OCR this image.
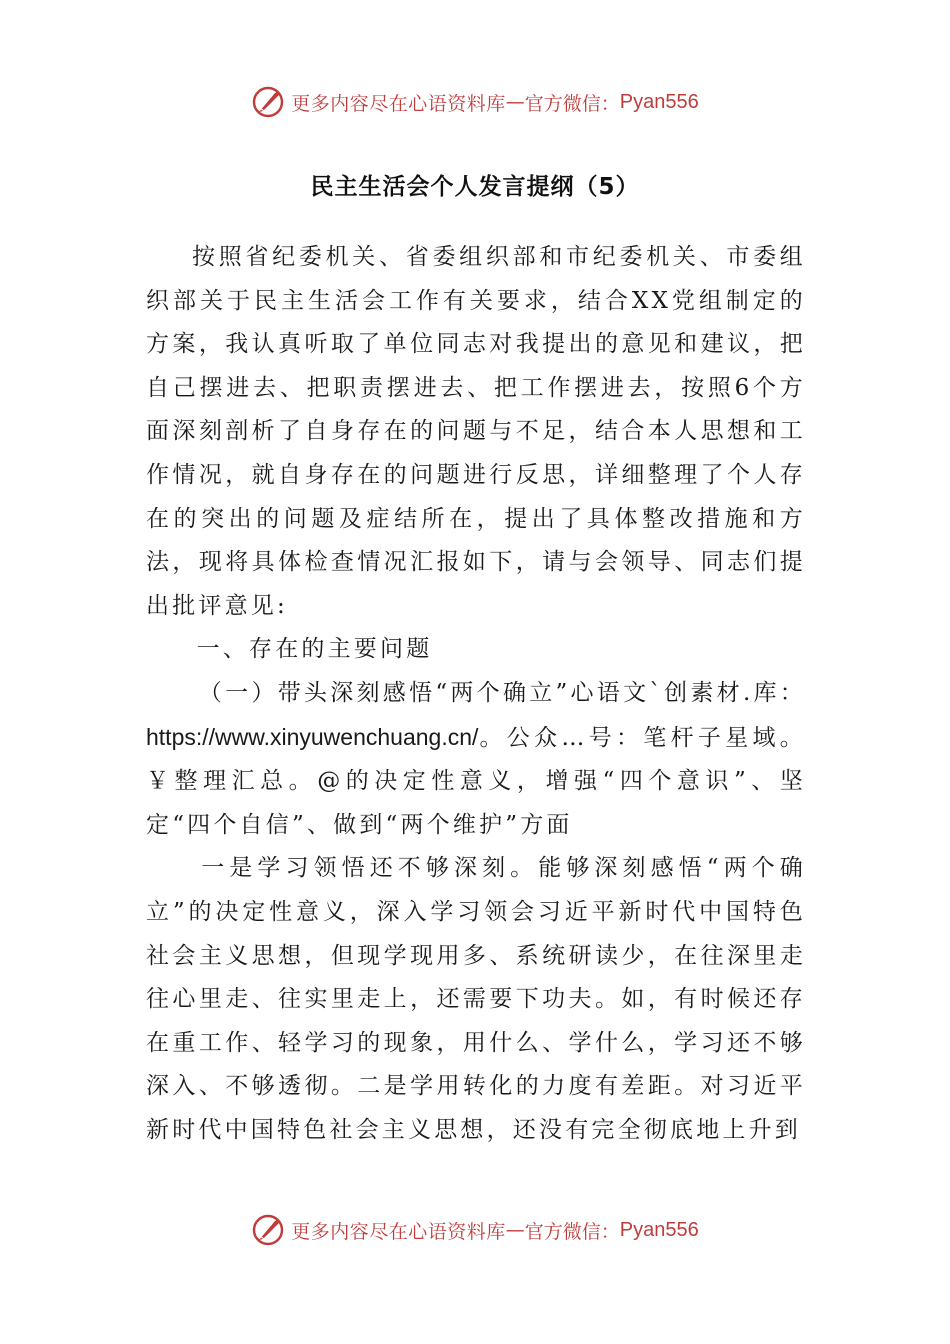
更多内容尽在心语资料库 — 官方微信： Pyan556
民主生活会个人发言提纲（5）

按照省纪委机关、省委组织部和市纪委机关、市委组织部关于民主生活会工作有关要求，结合XX党组制定的方案，我认真听取了单位同志对我提出的意见和建议，把自己摆进去、把职责摆进去、把工作摆进去，按照6个方面深刻剖析了自身存在的问题与不足，结合本人思想和工作情况，就自身存在的问题进行反思，详细整理了个人存在的突出的问题及症结所在，提出了具体整改措施和方法，现将具体检查情况汇报如下，请与会领导、同志们提出批评意见:

一、存在的主要问题

（一）带头深刻感悟“两个确立”心语文`创素材.库：https://www.xinyuwenchuang.cn/。公众…号：笔杆子星域。￥整理汇总。@的决定性意义，增强“四个意识”、坚定“四个自信”、做到“两个维护”方面

一是学习领悟还不够深刻。能够深刻感悟“两个确立”的决定性意义，深入学习领会习近平新时代中国特色社会主义思想，但现学现用多、系统研读少，在往深里走往心里走、往实里走上，还需要下功夫。如，有时候还存在重工作、轻学习的现象，用什么、学什么，学习还不够深入、不够透彻。二是学用转化的力度有差距。对习近平新时代中国特色社会主义思想，还没有完全彻底地上升到

更多内容尽在心语资料库 — 官方微信： Pyan556
